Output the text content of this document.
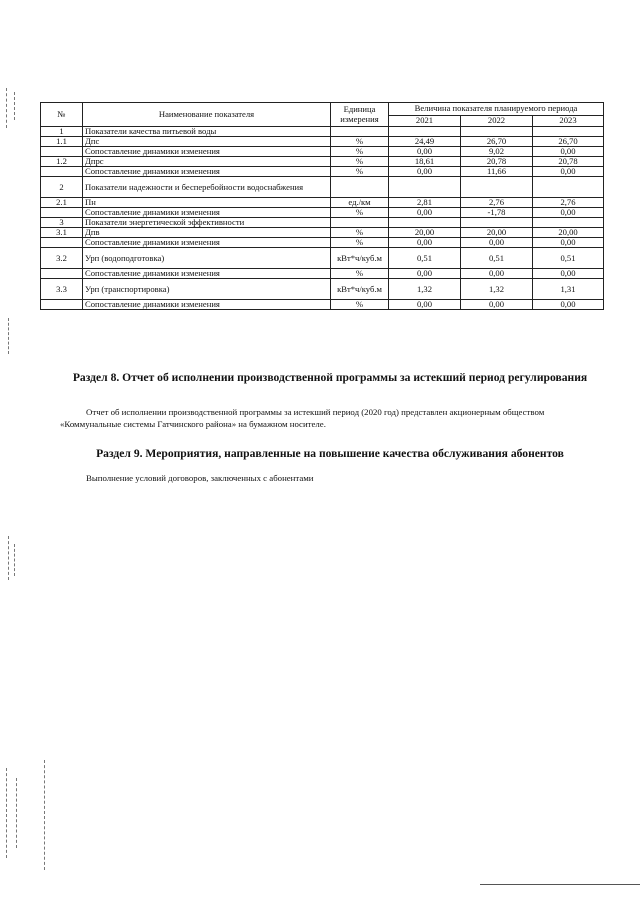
№	Наименование показателя	Единица измерения	Величина показателя планируемого периода		
			2021	2022	2023
1	Показатели качества питьевой воды				
1.1	Дпс	%	24,49	26,70	26,70
	Сопоставление динамики изменения	%	0,00	9,02	0,00
1.2	Дпрс	%	18,61	20,78	20,78
	Сопоставление динамики изменения	%	0,00	11,66	0,00
2	Показатели надежности и бесперебойности водоснабжения				
2.1	Пн	ед./км	2,81	2,76	2,76
	Сопоставление динамики изменения	%	0,00	-1,78	0,00
3	Показатели энергетической эффективности				
3.1	Дпв	%	20,00	20,00	20,00
	Сопоставление динамики изменения	%	0,00	0,00	0,00
3.2	Урп (водоподготовка)	кВт*ч/куб.м	0,51	0,51	0,51
	Сопоставление динамики изменения	%	0,00	0,00	0,00
3.3	Урп (транспортировка)	кВт*ч/куб.м	1,32	1,32	1,31
	Сопоставление динамики изменения	%	0,00	0,00	0,00
Раздел 8. Отчет об исполнении производственной программы за истекший период регулирования
Отчет об исполнении производственной программы за истекший период (2020 год) представлен акционерным обществом «Коммунальные системы Гатчинского района» на бумажном носителе.
Раздел 9. Мероприятия, направленные на повышение качества обслуживания абонентов
Выполнение условий договоров, заключенных с абонентами
